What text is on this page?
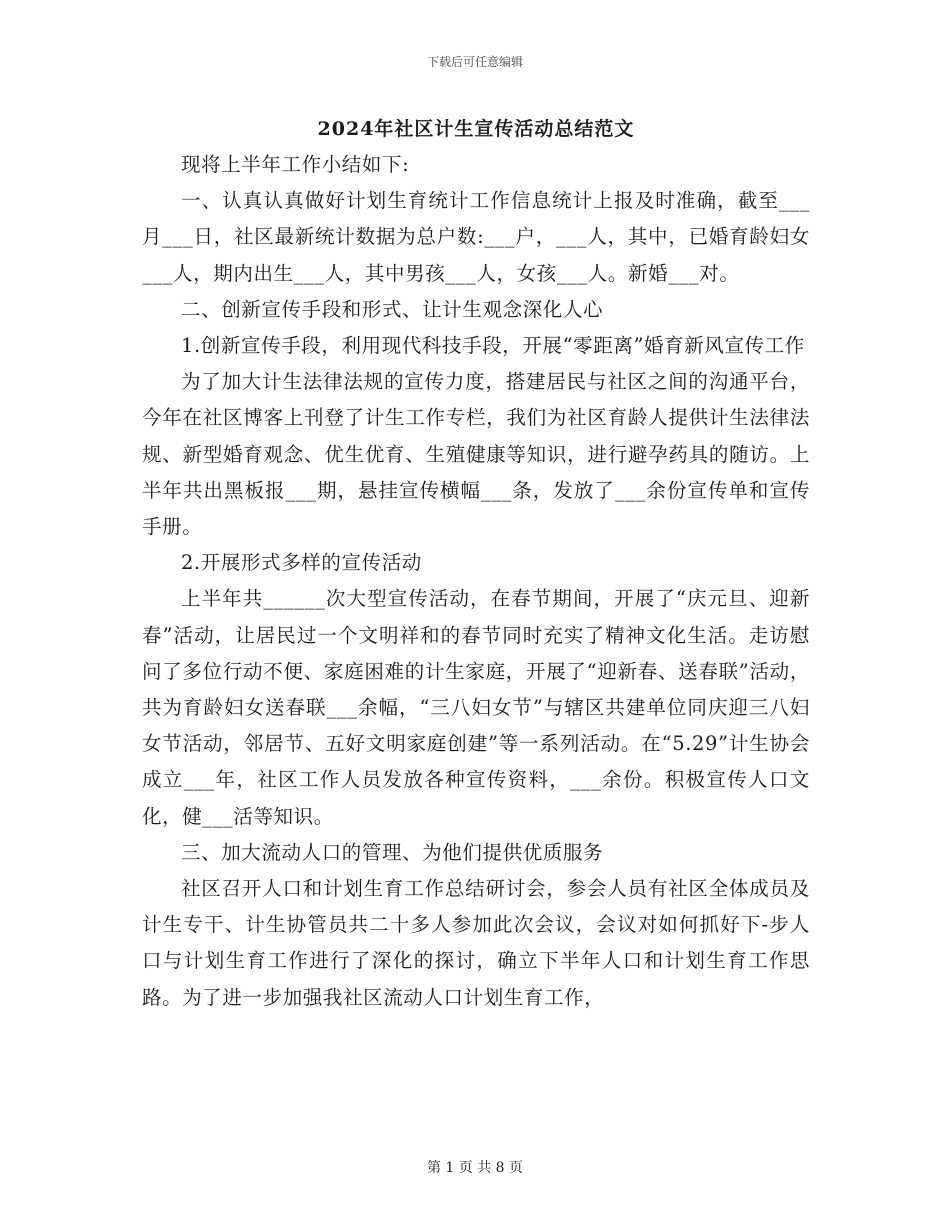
下载后可任意编辑
2024年社区计生宣传活动总结范文

现将上半年工作小结如下:

一、认真认真做好计划生育统计工作信息统计上报及时准确，截至___月___日，社区最新统计数据为总户数:___户，___人，其中，已婚育龄妇女___人，期内出生___人，其中男孩___人，女孩___人。新婚___对。

二、创新宣传手段和形式、让计生观念深化人心

1.创新宣传手段，利用现代科技手段，开展“零距离”婚育新风宣传工作

为了加大计生法律法规的宣传力度，搭建居民与社区之间的沟通平台，今年在社区博客上刊登了计生工作专栏，我们为社区育龄人提供计生法律法规、新型婚育观念、优生优育、生殖健康等知识，进行避孕药具的随访。上半年共出黑板报___期，悬挂宣传横幅___条，发放了___余份宣传单和宣传手册。

2.开展形式多样的宣传活动

上半年共______次大型宣传活动，在春节期间，开展了“庆元旦、迎新春”活动，让居民过一个文明祥和的春节同时充实了精神文化生活。走访慰问了多位行动不便、家庭困难的计生家庭，开展了“迎新春、送春联”活动，共为育龄妇女送春联___余幅，“三八妇女节”与辖区共建单位同庆迎三八妇女节活动，邻居节、五好文明家庭创建”等一系列活动。在“5.29”计生协会成立___年，社区工作人员发放各种宣传资料，___余份。积极宣传人口文化，健___活等知识。

三、加大流动人口的管理、为他们提供优质服务

社区召开人口和计划生育工作总结研讨会，参会人员有社区全体成员及计生专干、计生协管员共二十多人参加此次会议，会议对如何抓好下-步人口与计划生育工作进行了深化的探讨，确立下半年人口和计划生育工作思路。为了进一步加强我社区流动人口计划生育工作，

第 1 页 共 8 页
